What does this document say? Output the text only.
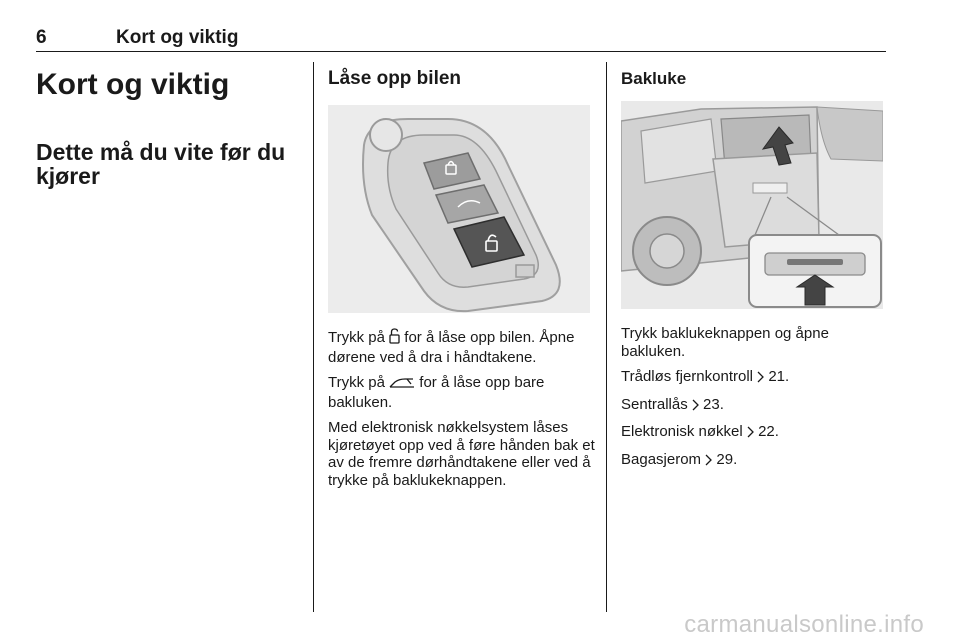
6	Kort og viktig
Kort og viktig
Dette må du vite før du kjører
Låse opp bilen

Trykk på for å låse opp bilen. Åpne dørene ved å dra i håndtakene.

Trykk på for å låse opp bare bakluken.

Med elektronisk nøkkelsystem låses kjøretøyet opp ved å føre hånden bak et av de fremre dørhåndtakene eller ved å trykke på baklukeknappen.

Bakluke

Trykk baklukeknappen og åpne bakluken.

Trådløs fjernkontroll 21.

Sentrallås 23.

Elektronisk nøkkel 22.

Bagasjerom 29.

carmanualsonline.info
